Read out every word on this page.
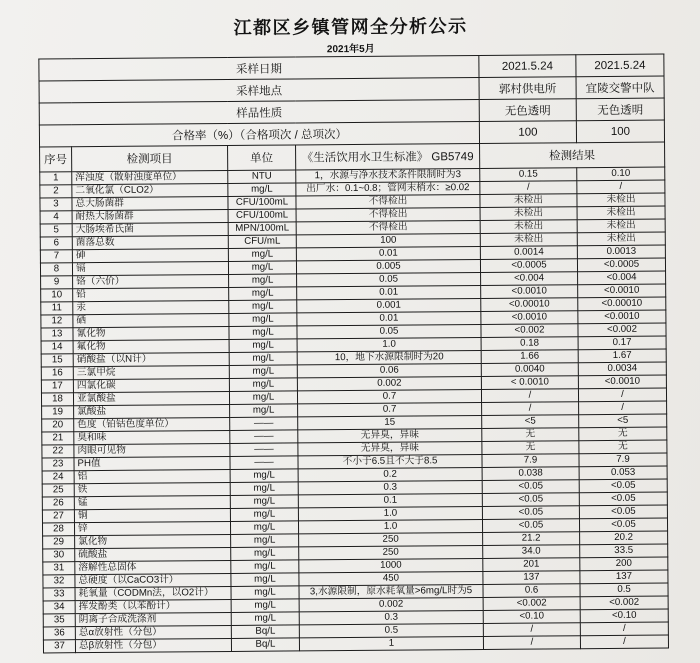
江都区乡镇管网全分析公示
2021年5月
采样日期				2021.5.24	2021.5.24
采样地点				郭村供电所	宜陵交警中队
样品性质				无色透明	无色透明
合格率（%）（合格项次 / 总项次）				100	100
序号	检测项目	单位	《生活饮用水卫生标准》 GB5749	检测结果	
1	浑浊度（散射浊度单位）	NTU	1，水源与净水技术条件限制时为3	0.15	0.10
2	二氧化氯（CLO2）	mg/L	出厂水：0.1~0.8；管网末梢水：≥0.02	/	/
3	总大肠菌群	CFU/100mL	不得检出	未检出	未检出
4	耐热大肠菌群	CFU/100mL	不得检出	未检出	未检出
5	大肠埃希氏菌	MPN/100mL	不得检出	未检出	未检出
6	菌落总数	CFU/mL	100	未检出	未检出
7	砷	mg/L	0.01	0.0014	0.0013
8	镉	mg/L	0.005	<0.0005	<0.0005
9	铬（六价）	mg/L	0.05	<0.004	<0.004
10	铅	mg/L	0.01	<0.0010	<0.0010
11	汞	mg/L	0.001	<0.00010	<0.00010
12	硒	mg/L	0.01	<0.0010	<0.0010
13	氰化物	mg/L	0.05	<0.002	<0.002
14	氟化物	mg/L	1.0	0.18	0.17
15	硝酸盐（以N计）	mg/L	10，地下水源限制时为20	1.66	1.67
16	三氯甲烷	mg/L	0.06	0.0040	0.0034
17	四氯化碳	mg/L	0.002	< 0.0010	<0.0010
18	亚氯酸盐	mg/L	0.7	/	/
19	氯酸盐	mg/L	0.7	/	/
20	色度（铂钴色度单位）	——	15	<5	<5
21	臭和味	——	无异臭，异味	无	无
22	肉眼可见物	——	无异臭，异味	无	无
23	PH值	——	不小于6.5且不大于8.5	7.9	7.9
24	铝	mg/L	0.2	0.038	0.053
25	铁	mg/L	0.3	<0.05	<0.05
26	锰	mg/L	0.1	<0.05	<0.05
27	铜	mg/L	1.0	<0.05	<0.05
28	锌	mg/L	1.0	<0.05	<0.05
29	氯化物	mg/L	250	21.2	20.2
30	硫酸盐	mg/L	250	34.0	33.5
31	溶解性总固体	mg/L	1000	201	200
32	总硬度（以CaCO3计）	mg/L	450	137	137
33	耗氧量（CODMn法，以O2计）	mg/L	3,水源限制，原水耗氧量>6mg/L时为5	0.6	0.5
34	挥发酚类（以苯酚计）	mg/L	0.002	<0.002	<0.002
35	阴离子合成洗涤剂	mg/L	0.3	<0.10	<0.10
36	总α放射性（分包）	Bq/L	0.5	/	/
37	总β放射性（分包）	Bq/L	1	/	/
